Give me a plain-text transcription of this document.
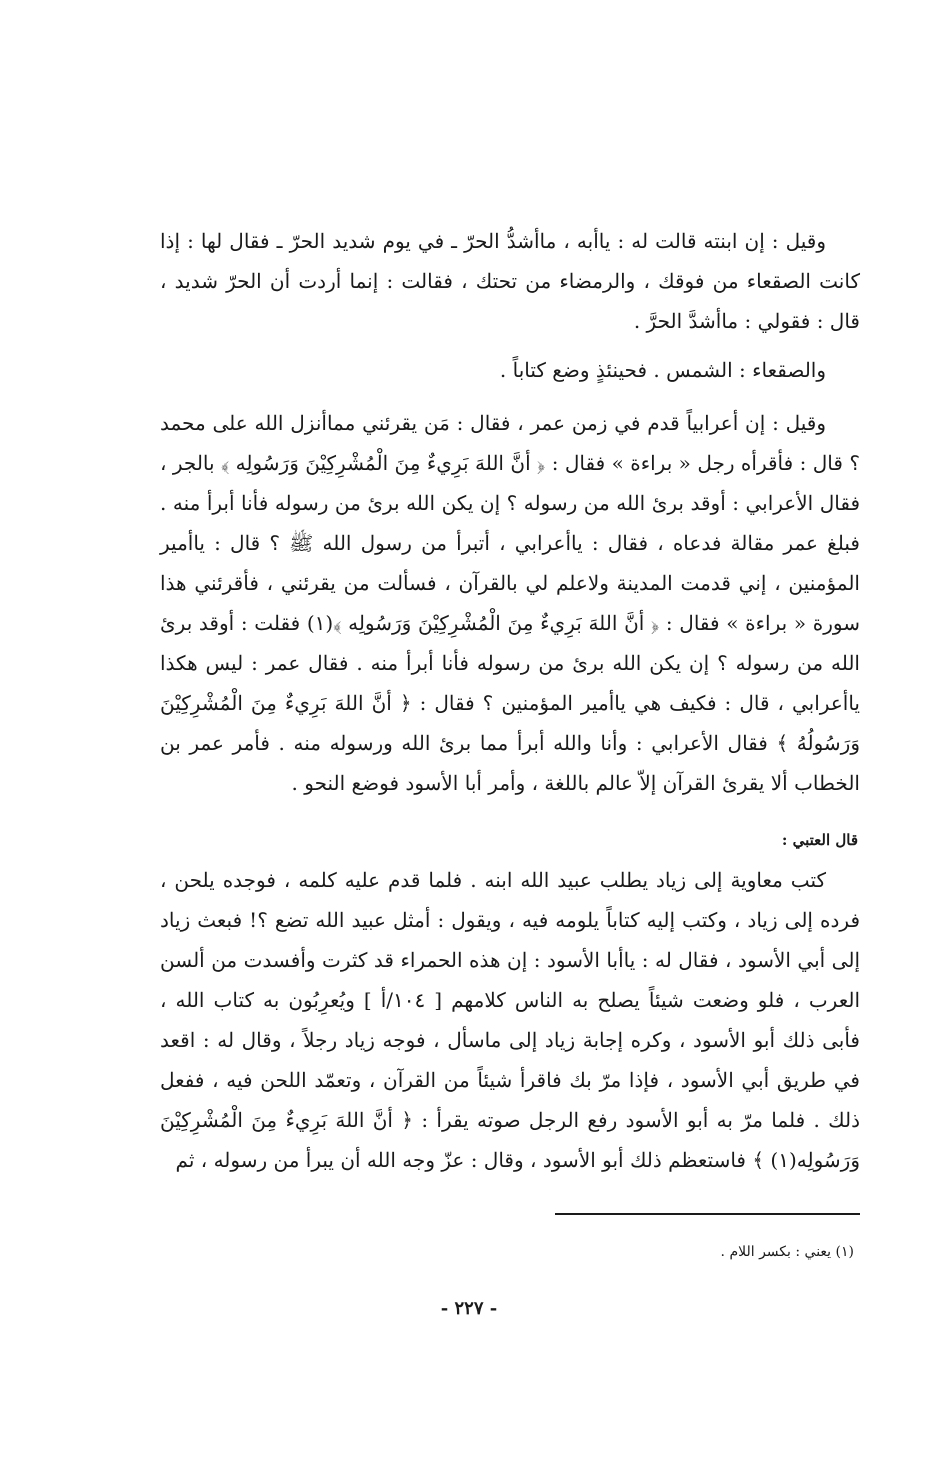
وقيل : إن ابنته قالت له : ياأبه ، ماأشدُّ الحرّ ـ في يوم شديد الحرّ ـ فقال لها : إذا كانت الصقعاء من فوقك ، والرمضاء من تحتك ، فقالت : إنما أردت أن الحرّ شديد ، قال : فقولي : ماأشدَّ الحرَّ .

والصقعاء : الشمس . فحينئذٍ وضع كتاباً .

وقيل : إن أعرابياً قدم في زمن عمر ، فقال : مَن يقرئني مماأنزل الله على محمد ؟ قال : فأقرأه رجل « براءة » فقال : ﴿ أنَّ اللهَ بَرِيءٌ مِنَ الْمُشْرِكِيْنَ وَرَسُولِه ﴾ بالجر ، فقال الأعرابي : أوقد برئ الله من رسوله ؟ إن يكن الله برئ من رسوله فأنا أبرأ منه . فبلغ عمر مقالة فدعاه ، فقال : ياأعرابي ، أتبرأ من رسول الله ﷺ ؟ قال : ياأمير المؤمنين ، إني قدمت المدينة ولاعلم لي بالقرآن ، فسألت من يقرئني ، فأقرئني هذا سورة « براءة » فقال : ﴿ أنَّ اللهَ بَرِيءٌ مِنَ الْمُشْرِكِيْنَ وَرَسُولِه ﴾(١) فقلت : أوقد برئ الله من رسوله ؟ إن يكن الله برئ من رسوله فأنا أبرأ منه . فقال عمر : ليس هكذا ياأعرابي ، قال : فكيف هي ياأمير المؤمنين ؟ فقال : ﴿ أنَّ اللهَ بَرِيءٌ مِنَ الْمُشْرِكِيْنَ وَرَسُولُهُ ﴾ فقال الأعرابي : وأنا والله أبرأ مما برئ الله ورسوله منه . فأمر عمر بن الخطاب ألا يقرئ القرآن إلاّ عالم باللغة ، وأمر أبا الأسود فوضع النحو .

قال العتبي :

كتب معاوية إلى زياد يطلب عبيد الله ابنه . فلما قدم عليه كلمه ، فوجده يلحن ، فرده إلى زياد ، وكتب إليه كتاباً يلومه فيه ، ويقول : أمثل عبيد الله تضع ؟! فبعث زياد إلى أبي الأسود ، فقال له : ياأبا الأسود : إن هذه الحمراء قد كثرت وأفسدت من ألسن العرب ، فلو وضعت شيئاً يصلح به الناس كلامهم [ ١٠٤/أ ] ويُعرِبُون به كتاب الله ، فأبى ذلك أبو الأسود ، وكره إجابة زياد إلى ماسأل ، فوجه زياد رجلاً ، وقال له : اقعد في طريق أبي الأسود ، فإذا مرّ بك فاقرأ شيئاً من القرآن ، وتعمّد اللحن فيه ، ففعل ذلك . فلما مرّ به أبو الأسود رفع الرجل صوته يقرأ : ﴿ أنَّ اللهَ بَرِيءٌ مِنَ الْمُشْرِكِيْنَ وَرَسُولِه(١) ﴾ فاستعظم ذلك أبو الأسود ، وقال : عزّ وجه الله أن يبرأ من رسوله ، ثم

(١) يعني : بكسر اللام .
- ٢٢٧ -
